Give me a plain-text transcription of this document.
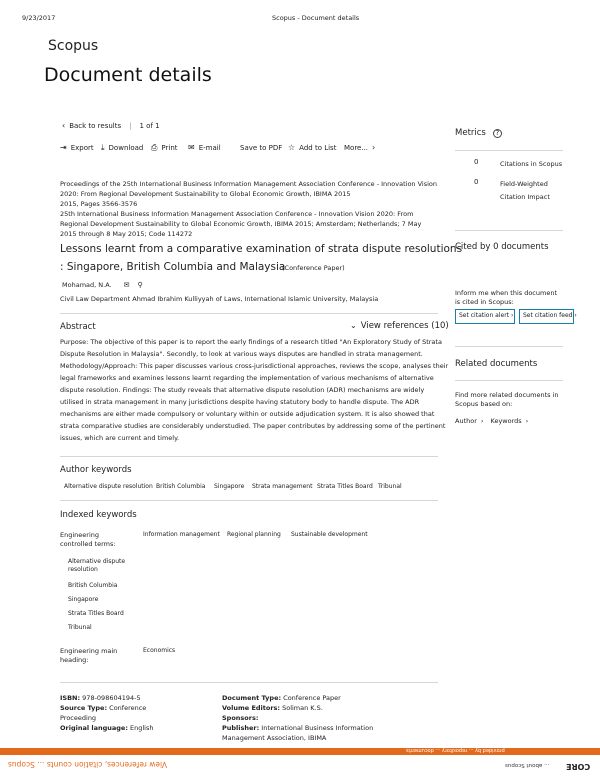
9/23/2017	Scopus - Document details
Scopus
Document details
‹ Back to results | 1 of 1
⇥ Export ⤓ Download ⎙ Print ✉ E-mail	Save to PDF ☆ Add to List More... ›
Proceedings of the 25th International Business Information Management Association Conference - Innovation Vision
2020: From Regional Development Sustainability to Global Economic Growth, IBIMA 2015
2015, Pages 3566-3576
25th International Business Information Management Association Conference - Innovation Vision 2020: From
Regional Development Sustainability to Global Economic Growth, IBIMA 2015; Amsterdam; Netherlands; 7 May
2015 through 8 May 2015; Code 114272
Lessons learnt from a comparative examination of strata dispute resolutions
: Singapore, British Columbia and Malaysia
(Conference Paper)
Mohamad, N.A. ✉ ⚲
Civil Law Department Ahmad Ibrahim Kulliyyah of Laws, International Islamic University, Malaysia
Abstract	⌄ View references (10)
Purpose: The objective of this paper is to report the early findings of a research titled "An Exploratory Study of Strata
Dispute Resolution in Malaysia". Secondly, to look at various ways disputes are handled in strata management.
Methodology/Approach: This paper discusses various cross-jurisdictional approaches, reviews the scope, analyses their
legal frameworks and examines lessons learnt regarding the implementation of various mechanisms of alternative
dispute resolution. Findings: The study reveals that alternative dispute resolution (ADR) mechanisms are widely
utilised in strata management in many jurisdictions despite having statutory body to handle dispute. The ADR
mechanisms are either made compulsory or voluntary within or outside adjudication system. It is also showed that
strata comparative studies are considerably understudied. The paper contributes by addressing some of the pertinent
issues, which are current and timely.
Author keywords
Alternative dispute resolution British Columbia Singapore Strata management Strata Titles Board Tribunal
Indexed keywords
Engineering
controlled terms:
Information management Regional planning Sustainable development
Alternative dispute
resolution
British Columbia
Singapore
Strata Titles Board
Tribunal
Engineering main
heading:
Economics
ISBN: 978-098604194-5
Source Type: Conference
Proceeding
Original language: English
Document Type: Conference Paper
Volume Editors: Soliman K.S.
Sponsors:
Publisher: International Business Information
Management Association, IBIMA
Metrics	?
0	Citations in Scopus
0	Field-Weighted
Citation Impact
Cited by 0 documents
Inform me when this document
is cited in Scopus:
Set citation alert ›	Set citation feed ›
Related documents
Find more related documents in
Scopus based on:
Author › Keywords ›
provided by ... repository ... documents
View references, citation counts ... Scopus	... about Scopus CORE
